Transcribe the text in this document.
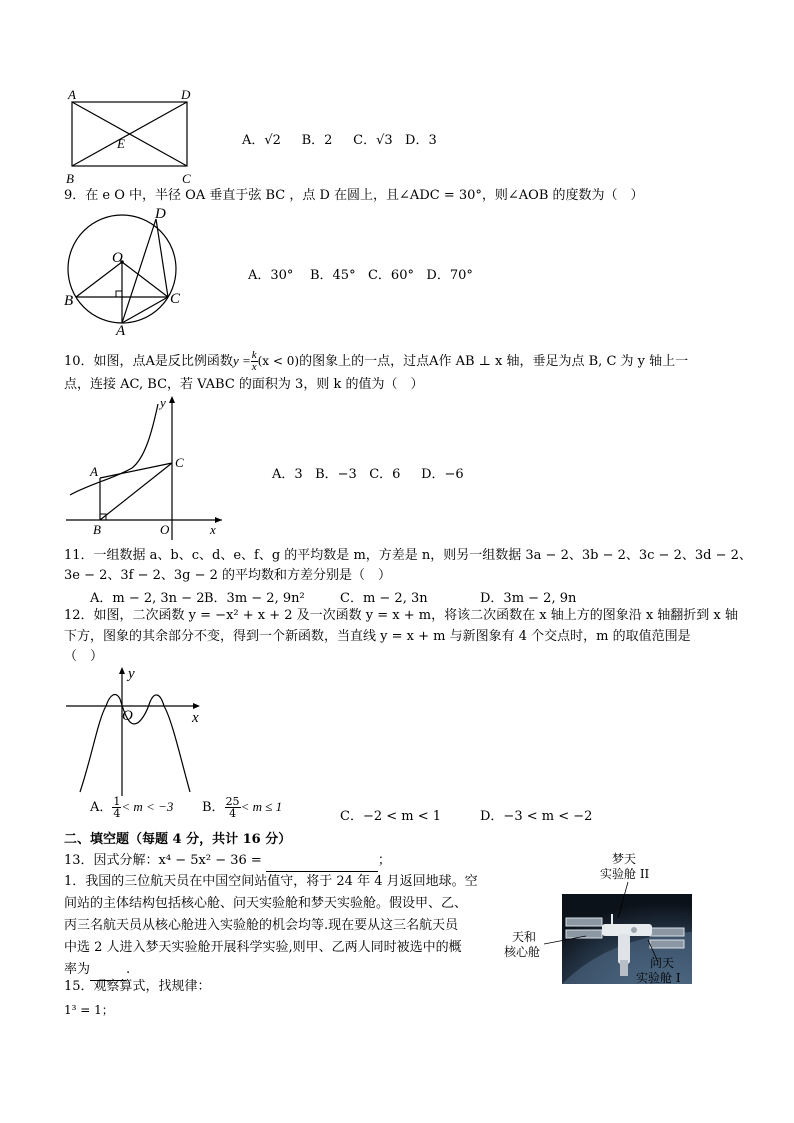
A	D
E
B	C
A．√2 B．2 C．√3 D．3
9．在 e O 中，半径 OA 垂直于弦 BC ，点 D 在圆上，且∠ADC = 30°，则∠AOB 的度数为（　）
O
D
B	C
A
A．30° B．45° C．60° D．70°
10．如图，点A是反比例函数$y = \frac{k}{x} (x < 0)$的图象上的一点，过点A作 AB ⊥ x 轴，垂足为点 B, C 为 y 轴上一
点，连接 AC, BC，若 VABC 的面积为 3，则 k 的值为（　）
y
A
C
B	O	x
A．3 B．−3 C．6 D．−6
11．一组数据 a、b、c、d、e、f、g 的平均数是 m，方差是 n，则另一组数据 3a − 2、3b − 2、3c − 2、3d − 2、
3e − 2、3f − 2、3g − 2 的平均数和方差分别是（　）
A．m − 2, 3n − 2 B．3m − 2, 9n²	C．m − 2, 3n	D．3m − 2, 9n
12．如图，二次函数 y = −x² + x + 2 及一次函数 y = x + m，将该二次函数在 x 轴上方的图象沿 x 轴翻折到 x 轴
下方，图象的其余部分不变，得到一个新函数，当直线 y = x + m 与新图象有 4 个交点时，m 的取值范围是
（　）
y
O	x
A． $\frac{1}{4} < m < -3$ B． $\frac{25}{4} < m \le 1$
C．−2 < m < 1	D．−3 < m < −2
二、填空题（每题 4 分，共计 16 分）
13．因式分解：x⁴ − 5x² − 36 =	；
1．我国的三位航天员在中国空间站值守，将于 24 年 4 月返回地球。空
间站的主体结构包括核心舱、问天实验舱和梦天实验舱。假设甲、乙、
丙三名航天员从核心舱进入实验舱的机会均等.现在要从这三名航天员
中选 2 人进入梦天实验舱开展科学实验,则甲、乙两人同时被选中的概
率为	.
梦天
实验舱 II
天和
核心舱
问天
实验舱 I
15．观察算式，找规律：
1³ = 1；
